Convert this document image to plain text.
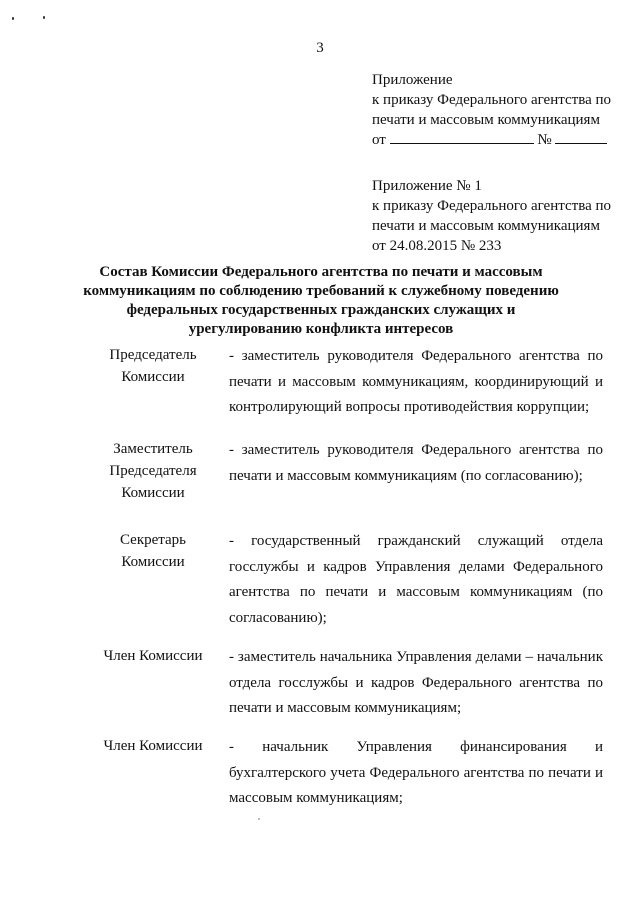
3
Приложение
к приказу Федерального агентства по
печати и массовым коммуникациям
от	№
Приложение № 1
к приказу Федерального агентства по
печати и массовым коммуникациям
от 24.08.2015 № 233
Состав Комиссии Федерального агентства по печати и массовым коммуникациям по соблюдению требований к служебному поведению федеральных государственных гражданских служащих и урегулированию конфликта интересов
Председатель Комиссии
- заместитель руководителя Федерального агентства по печати и массовым коммуникациям, координирующий и контролирующий вопросы противодействия коррупции;
Заместитель Председателя Комиссии
- заместитель руководителя Федерального агентства по печати и массовым коммуникациям (по согласованию);
Секретарь Комиссии
- государственный гражданский служащий отдела госслужбы и кадров Управления делами Федерального агентства по печати и массовым коммуникациям (по согласованию);
Член Комиссии	- заместитель начальника Управления делами – начальник отдела госслужбы и кадров Федерального агентства по печати и массовым коммуникациям;
Член Комиссии	- начальник Управления финансирования и бухгалтерского учета Федерального агентства по печати и массовым коммуникациям;
